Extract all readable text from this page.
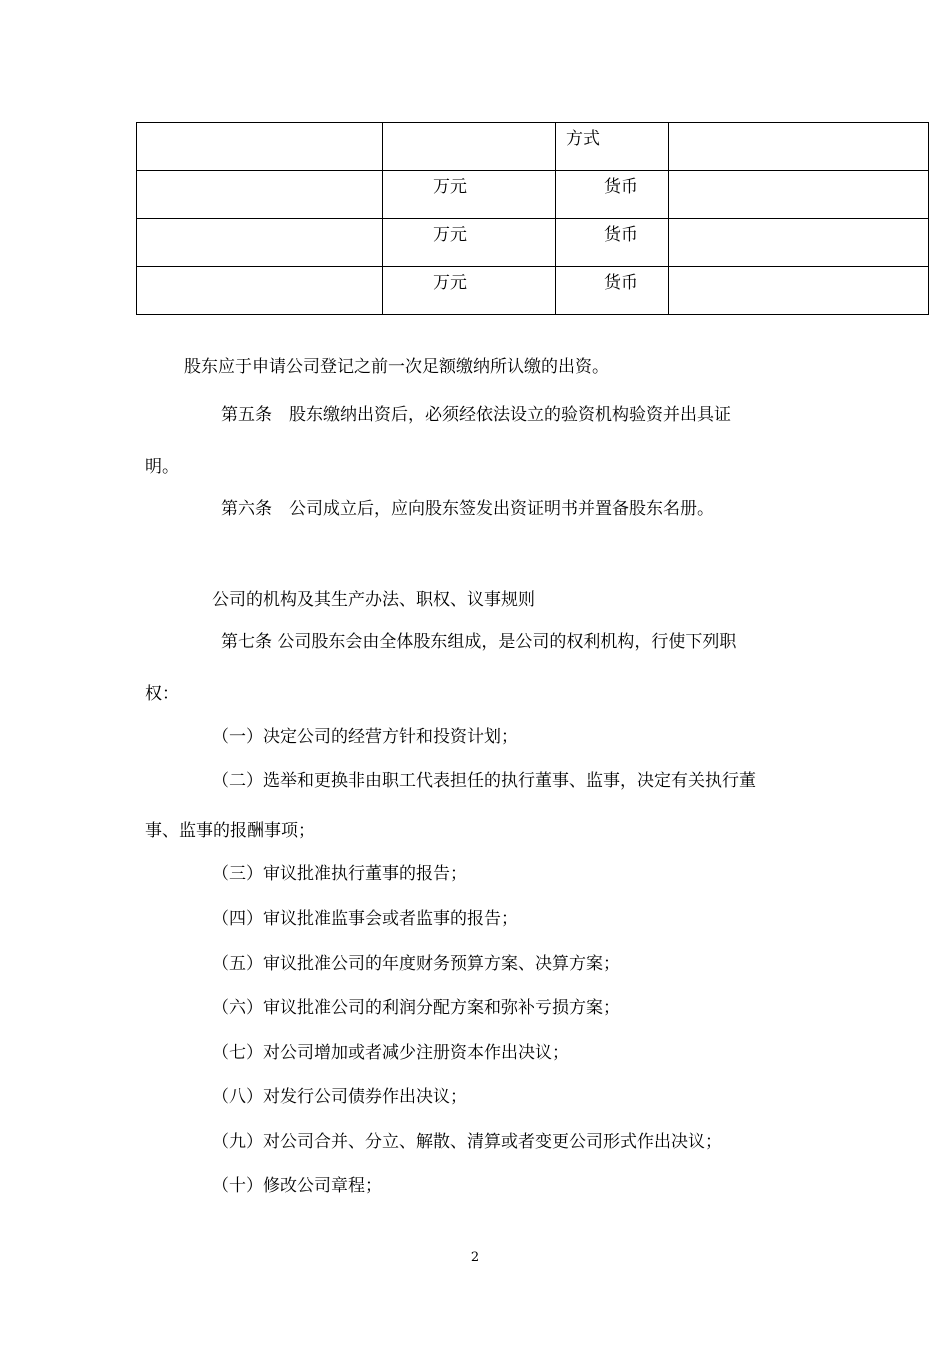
		方式	
	万元	货币	
	万元	货币	
	万元	货币	
股东应于申请公司登记之前一次足额缴纳所认缴的出资。
第五条　股东缴纳出资后，必须经依法设立的验资机构验资并出具证
明。
第六条　公司成立后，应向股东签发出资证明书并置备股东名册。
公司的机构及其生产办法、职权、议事规则
第七条 公司股东会由全体股东组成，是公司的权利机构，行使下列职
权：
（一）决定公司的经营方针和投资计划；
（二）选举和更换非由职工代表担任的执行董事、监事，决定有关执行董
事、监事的报酬事项；
（三）审议批准执行董事的报告；
（四）审议批准监事会或者监事的报告；
（五）审议批准公司的年度财务预算方案、决算方案；
（六）审议批准公司的利润分配方案和弥补亏损方案；
（七）对公司增加或者减少注册资本作出决议；
（八）对发行公司债券作出决议；
（九）对公司合并、分立、解散、清算或者变更公司形式作出决议；
（十）修改公司章程；
2
